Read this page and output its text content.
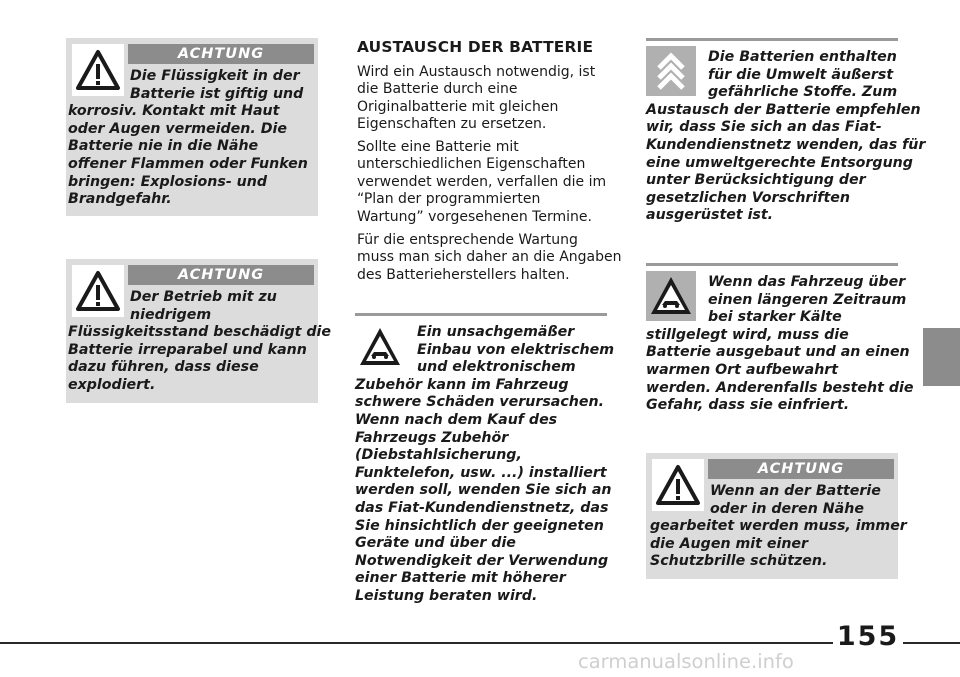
ACHTUNG
Die Flüssigkeit in der
Batterie ist giftig und
korrosiv. Kontakt mit Haut
oder Augen vermeiden. Die
Batterie nie in die Nähe
offener Flammen oder Funken
bringen: Explosions- und
Brandgefahr.
ACHTUNG
Der Betrieb mit zu
niedrigem
Flüssigkeitsstand beschädigt die
Batterie irreparabel und kann
dazu führen, dass diese
explodiert.
AUSTAUSCH DER BATTERIE
Wird ein Austausch notwendig, ist
die Batterie durch eine
Originalbatterie mit gleichen
Eigenschaften zu ersetzen.
Sollte eine Batterie mit
unterschiedlichen Eigenschaften
verwendet werden, verfallen die im
“Plan der programmierten
Wartung” vorgesehenen Termine.
Für die entsprechende Wartung
muss man sich daher an die Angaben
des Batterieherstellers halten.
Ein unsachgemäßer
Einbau von elektrischem
und elektronischem
Zubehör kann im Fahrzeug
schwere Schäden verursachen.
Wenn nach dem Kauf des
Fahrzeugs Zubehör
(Diebstahlsicherung,
Funktelefon, usw. ...) installiert
werden soll, wenden Sie sich an
das Fiat-Kundendienstnetz, das
Sie hinsichtlich der geeigneten
Geräte und über die
Notwendigkeit der Verwendung
einer Batterie mit höherer
Leistung beraten wird.
Die Batterien enthalten
für die Umwelt äußerst
gefährliche Stoffe. Zum
Austausch der Batterie empfehlen
wir, dass Sie sich an das Fiat-
Kundendienstnetz wenden, das für
eine umweltgerechte Entsorgung
unter Berücksichtigung der
gesetzlichen Vorschriften
ausgerüstet ist.
Wenn das Fahrzeug über
einen längeren Zeitraum
bei starker Kälte
stillgelegt wird, muss die
Batterie ausgebaut und an einen
warmen Ort aufbewahrt
werden. Anderenfalls besteht die
Gefahr, dass sie einfriert.
ACHTUNG
Wenn an der Batterie
oder in deren Nähe
gearbeitet werden muss, immer
die Augen mit einer
Schutzbrille schützen.
155
carmanualsonline.info
